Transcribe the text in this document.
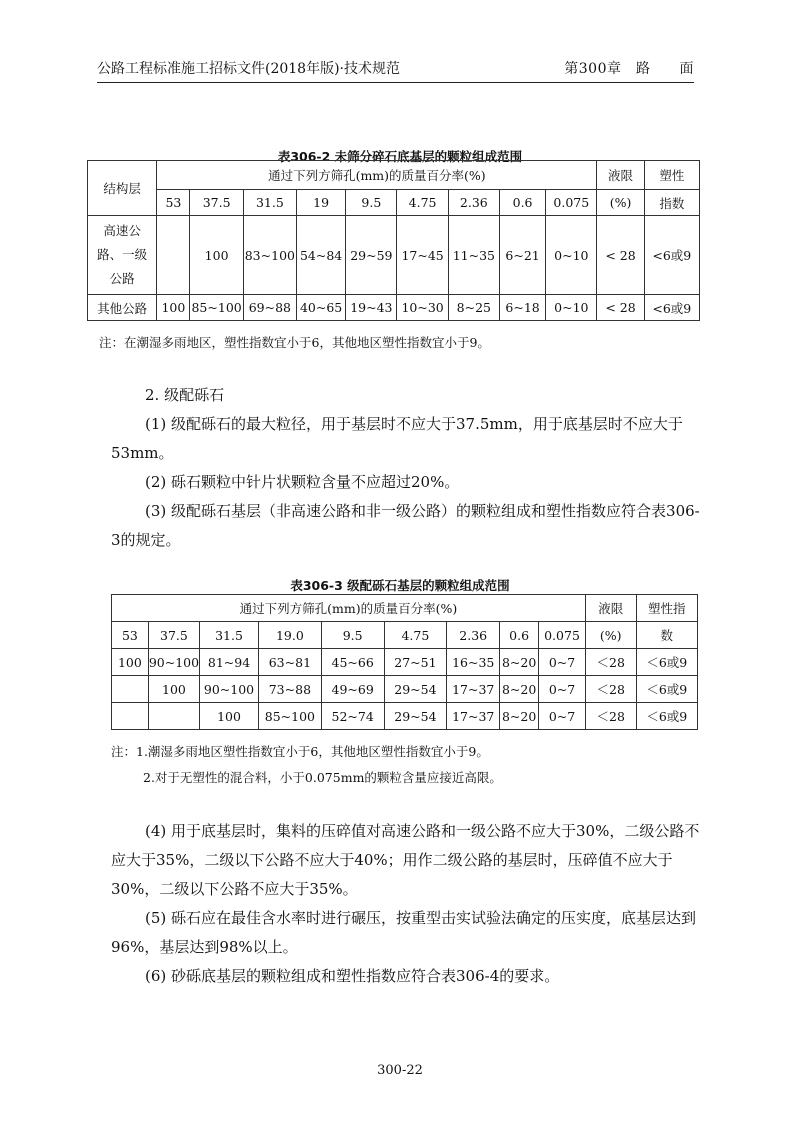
公路工程标准施工招标文件(2018年版)·技术规范	第300章　路　　面
表306-2 未筛分碎石底基层的颗粒组成范围
结构层	通过下列方筛孔(mm)的质量百分率(%)									液限	塑性
	53	37.5	31.5	19	9.5	4.75	2.36	0.6	0.075	(%)	指数

高速公
路、一级
公路		100	83~100	54~84	29~59	17~45	11~35	6~21	0~10	< 28	<6或9
其他公路	100	85~100	69~88	40~65	19~43	10~30	8~25	6~18	0~10	< 28	<6或9
注：在潮湿多雨地区，塑性指数宜小于6，其他地区塑性指数宜小于9。

2. 级配砾石

(1) 级配砾石的最大粒径，用于基层时不应大于37.5mm，用于底基层时不应大于53mm。

(2) 砾石颗粒中针片状颗粒含量不应超过20%。

(3) 级配砾石基层（非高速公路和非一级公路）的颗粒组成和塑性指数应符合表306-3的规定。

表306-3 级配砾石基层的颗粒组成范围
通过下列方筛孔(mm)的质量百分率(%)									液限	塑性指
53	37.5	31.5	19.0	9.5	4.75	2.36	0.6	0.075	(%)	数
100	90~100	81~94	63~81	45~66	27~51	16~35	8~20	0~7	＜28	＜6或9
	100	90~100	73~88	49~69	29~54	17~37	8~20	0~7	＜28	＜6或9
		100	85~100	52~74	29~54	17~37	8~20	0~7	＜28	＜6或9
注：1.潮湿多雨地区塑性指数宜小于6，其他地区塑性指数宜小于9。
2.对于无塑性的混合料，小于0.075mm的颗粒含量应接近高限。

(4) 用于底基层时，集料的压碎值对高速公路和一级公路不应大于30%，二级公路不应大于35%，二级以下公路不应大于40%；用作二级公路的基层时，压碎值不应大于30%，二级以下公路不应大于35%。

(5) 砾石应在最佳含水率时进行碾压，按重型击实试验法确定的压实度，底基层达到96%，基层达到98%以上。

(6) 砂砾底基层的颗粒组成和塑性指数应符合表306-4的要求。

300-22
